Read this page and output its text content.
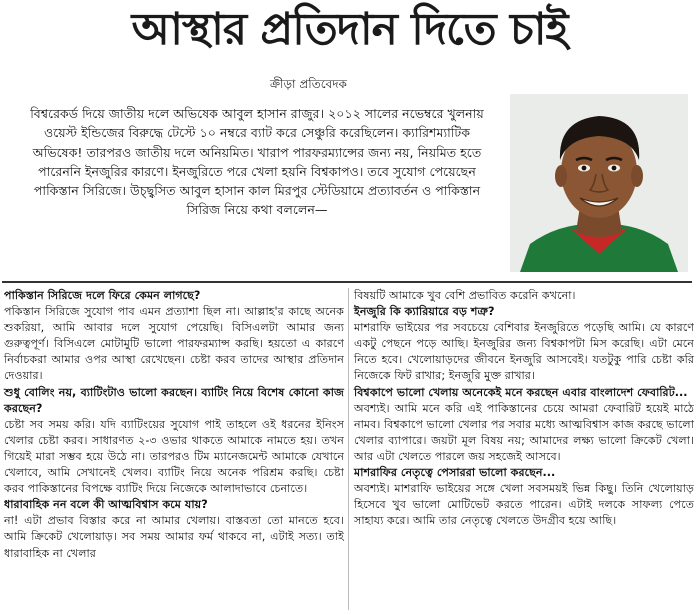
আস্থার প্রতিদান দিতে চাই
ক্রীড়া প্রতিবেদক
বিশ্বরেকর্ড দিয়ে জাতীয় দলে অভিষেক আবুল হাসান রাজুর। ২০১২ সালের নভেম্বরে খুলনায় ওয়েস্ট ইন্ডিজের বিরুদ্ধে টেস্টে ১০ নম্বরে ব্যাট করে সেঞ্চুরি করেছিলেন। ক্যারিশম্যাটিক অভিষেক! তারপরও জাতীয় দলে অনিয়মিত। খারাপ পারফরম্যান্সের জন্য নয়, নিয়মিত হতে পারেননি ইনজুরির কারণে। ইনজুরিতে পরে খেলা হয়নি বিশ্বকাপও। তবে সুযোগ পেয়েছেন পাকিস্তান সিরিজে। উচ্ছ্বসিত আবুল হাসান কাল মিরপুর স্টেডিয়ামে প্রত্যাবর্তন ও পাকিস্তান সিরিজ নিয়ে কথা বললেন—

পাকিস্তান সিরিজে দলে ফিরে কেমন লাগছে?

পকিস্তান সিরিজে সুযোগ পাব এমন প্রত্যাশা ছিল না। আল্লাহ'র কাছে অনেক শুকরিয়া, আমি আবার দলে সুযোগ পেয়েছি। বিসিএলটা আমার জন্য গুরুত্বপূর্ণ। বিসিএলে মোটামুটি ভালো পারফরম্যান্স করছি। হয়তো এ কারণে নির্বাচকরা আমার ওপর আস্থা রেখেছেন। চেষ্টা করব তাদের আস্থার প্রতিদান দেওয়ার।

শুধু বোলিং নয়, ব্যাটিংটাও ভালো করছেন। ব্যাটিং নিয়ে বিশেষ কোনো কাজ করছেন?

চেষ্টা সব সময় করি। যদি ব্যাটিংয়ের সুযোগ পাই তাহলে ওই ধরনের ইনিংস খেলার চেষ্টা করব। সাধারণত ২-৩ ওভার থাকতে আমাকে নামতে হয়। তখন গিয়েই মারা সম্ভব হয়ে উঠে না। তারপরও টিম ম্যানেজমেন্ট আমাকে যেখানে খেলাবে, আমি সেখানেই খেলব। ব্যাটিং নিয়ে অনেক পরিশ্রম করছি। চেষ্টা করব পাকিস্তানের বিপক্ষে ব্যাটিং দিয়ে নিজেকে আলাদাভাবে চেনাতে।

ধারাবাহিক নন বলে কী আত্মবিশ্বাস কমে যায়?

না! এটা প্রভাব বিস্তার করে না আমার খেলায়। বাস্তবতা তো মানতে হবে। আমি ক্রিকেট খেলোয়াড়। সব সময় আমার ফর্ম থাকবে না, এটাই সত্য। তাই ধারাবাহিক না খেলার

বিষয়টি আমাকে খুব বেশি প্রভাবিত করেনি কখনো।

ইনজুরি কি ক্যারিয়ারে বড় শত্রু?

মাশরাফি ভাইয়ের পর সবচেয়ে বেশিবার ইনজুরিতে পড়েছি আমি। যে কারণে একটু পেছনে পড়ে আছি। ইনজুরির জন্য বিশ্বকাপটা মিস করেছি। এটা মেনে নিতে হবে। খেলোয়াড়দের জীবনে ইনজুরি আসবেই। যতটুকু পারি চেষ্টা করি নিজেকে ফিট রাখার; ইনজুরি মুক্ত রাখার।

বিশ্বকাপে ভালো খেলায় অনেকেই মনে করছেন এবার বাংলাদেশ ফেবারিট...

অবশ্যই। আমি মনে করি এই পাকিস্তানের চেয়ে আমরা ফেবারিট হয়েই মাঠে নামব। বিশ্বকাপে ভালো খেলার পর সবার মধ্যে আত্মবিশ্বাস কাজ করছে ভালো খেলার ব্যাপারে। জয়টা মূল বিষয় নয়; আমাদের লক্ষ্য ভালো ক্রিকেট খেলা। আর এটা খেলতে পারলে জয় সহজেই আসবে।

মাশরাফির নেতৃত্বে পেসাররা ভালো করছেন...

অবশ্যই। মাশরাফি ভাইয়ের সঙ্গে খেলা সবসময়ই ভিন্ন কিছু। তিনি খেলোয়াড় হিসেবে খুব ভালো মোটিভেট করতে পারেন। এটাই দলকে সাফল্য পেতে সাহায্য করে। আমি তার নেতৃত্বে খেলতে উদগ্রীব হয়ে আছি।
